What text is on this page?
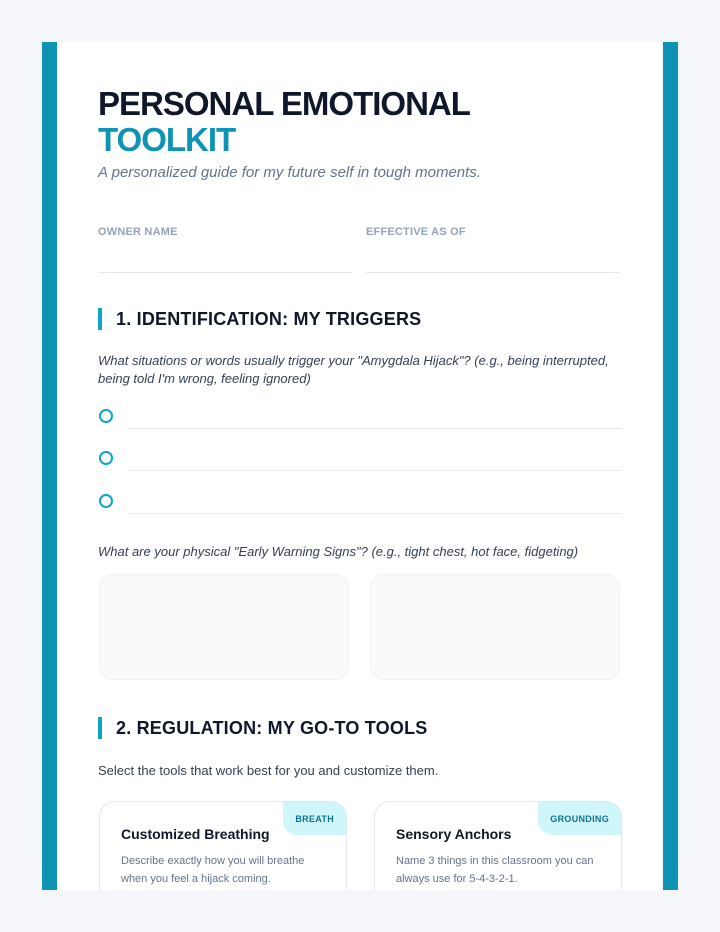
PERSONAL EMOTIONAL
TOOLKIT

A personalized guide for my future self in tough moments.

OWNER NAME	EFFECTIVE AS OF
1. IDENTIFICATION: MY TRIGGERS
What situations or words usually trigger your "Amygdala Hijack"? (e.g., being interrupted, being told I'm wrong, feeling ignored)
What are your physical "Early Warning Signs"? (e.g., tight chest, hot face, fidgeting)
2. REGULATION: MY GO-TO TOOLS
Select the tools that work best for you and customize them.
BREATH
Customized Breathing
Describe exactly how you will breathe when you feel a hijack coming.
GROUNDING
Sensory Anchors
Name 3 things in this classroom you can always use for 5-4-3-2-1.
